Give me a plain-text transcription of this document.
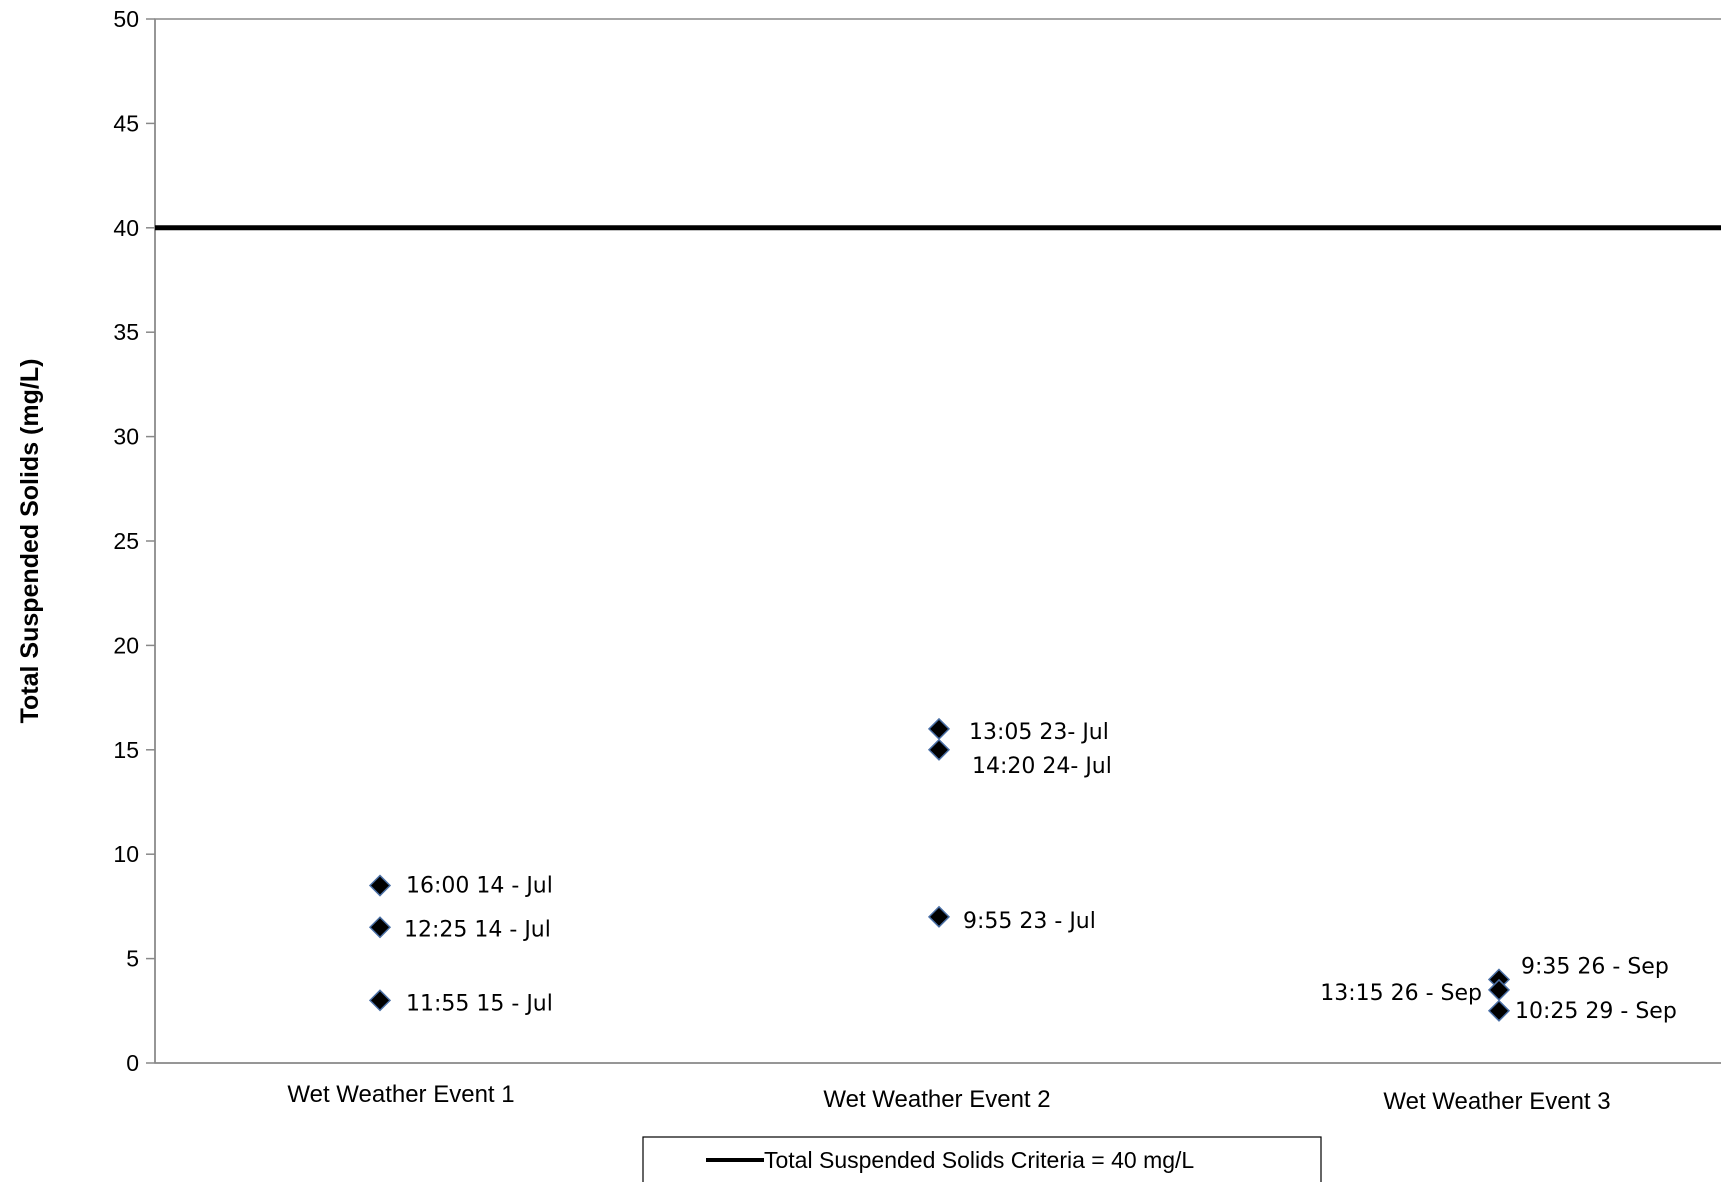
0
5
10
15
20
25
30
35
40
45
50
16:00 14 - Jul
12:25 14 - Jul
11:55 15 - Jul
13:05 23- Jul
14:20 24- Jul
9:55 23 - Jul
9:35 26 - Sep
13:15 26 - Sep
10:25 29 - Sep
Wet Weather Event 1	Wet Weather Event 2	Wet Weather Event 3
Total Suspended Solids (mg/L)
Total Suspended Solids Criteria = 40 mg/L
